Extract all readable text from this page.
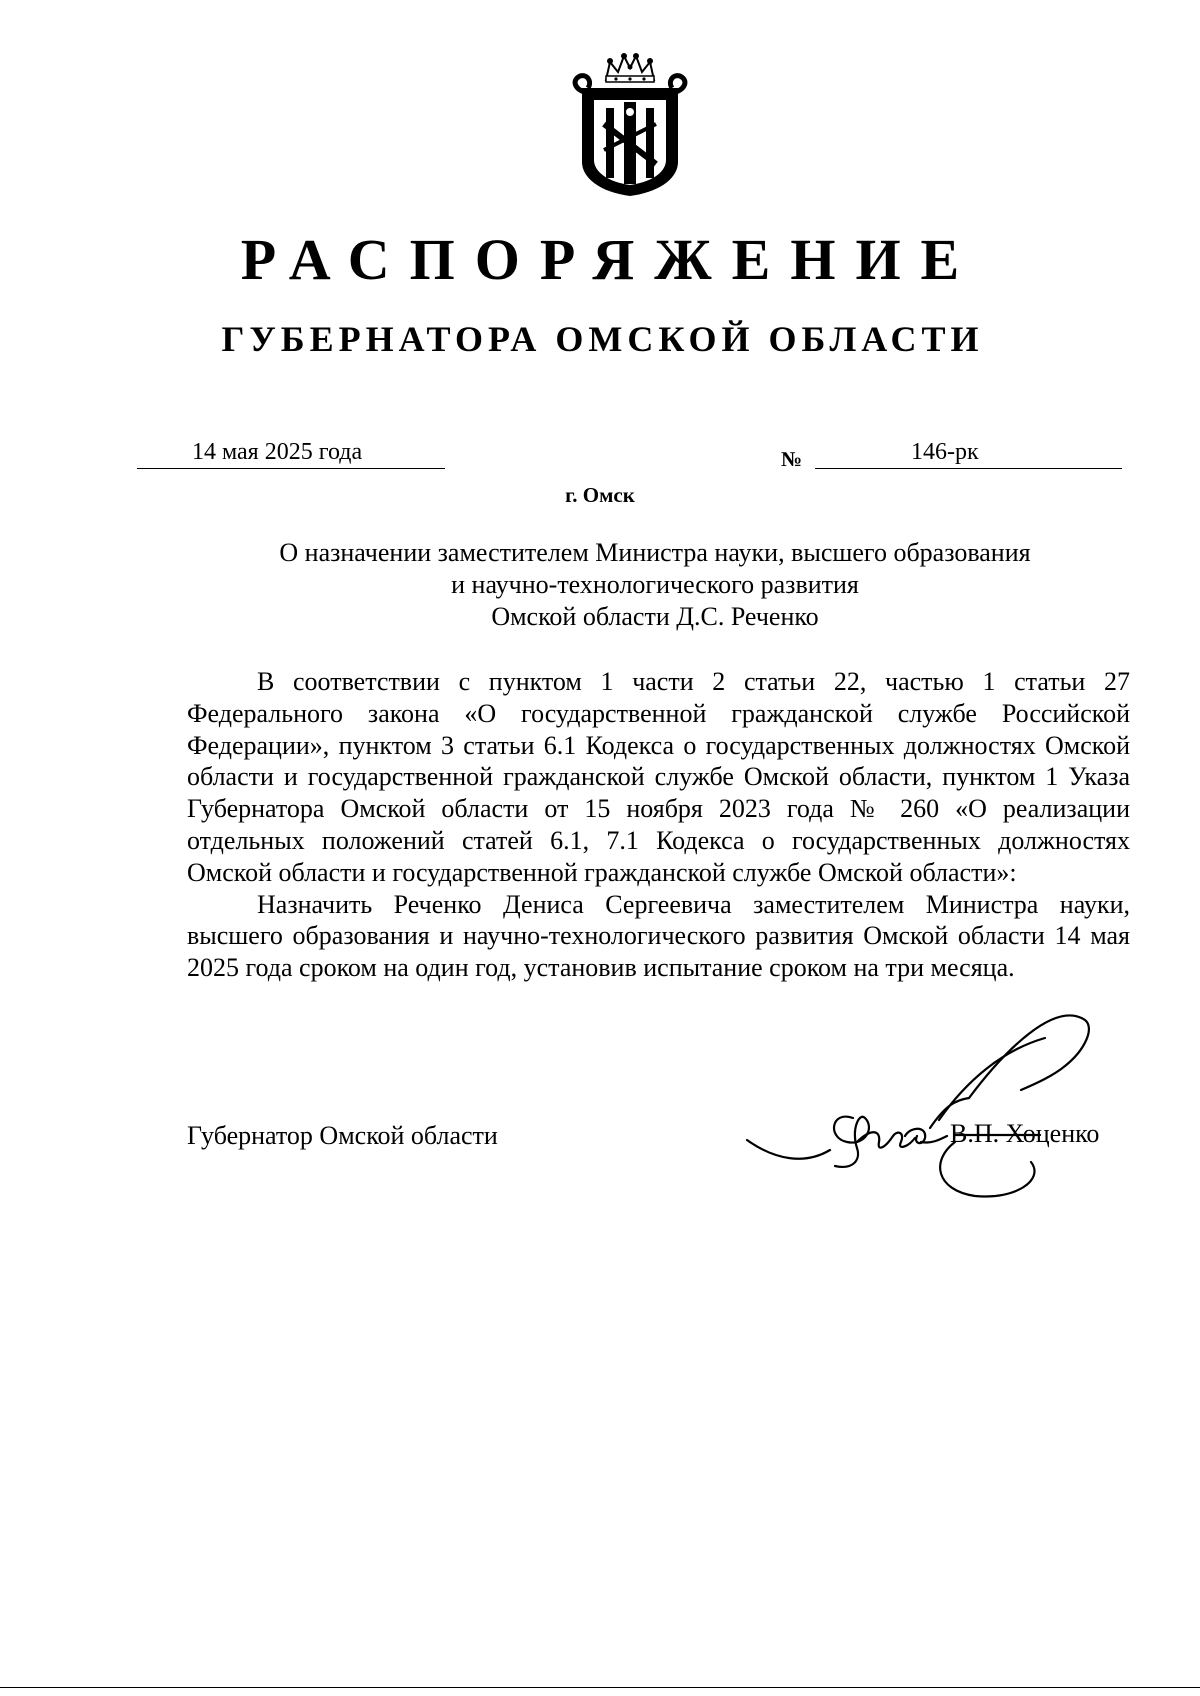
РАСПОРЯЖЕНИЕ
ГУБЕРНАТОРА ОМСКОЙ ОБЛАСТИ
14 мая 2025 года	№	146-рк
г. Омск
О назначении заместителем Министра науки, высшего образования
и научно-технологического развития
Омской области Д.С. Реченко

В соответствии с пунктом 1 части 2 статьи 22, частью 1 статьи 27 Федерального закона «О государственной гражданской службе Российской Федерации», пунктом 3 статьи 6.1 Кодекса о государственных должностях Омской области и государственной гражданской службе Омской области, пунктом 1 Указа Губернатора Омской области от 15 ноября 2023 года № 260 «О реализации отдельных положений статей 6.1, 7.1 Кодекса о государственных должностях Омской области и государственной гражданской службе Омской области»:

Назначить Реченко Дениса Сергеевича заместителем Министра науки, высшего образования и научно-технологического развития Омской области 14 мая 2025 года сроком на один год, установив испытание сроком на три месяца.

Губернатор Омской области	В.П. Хоценко
